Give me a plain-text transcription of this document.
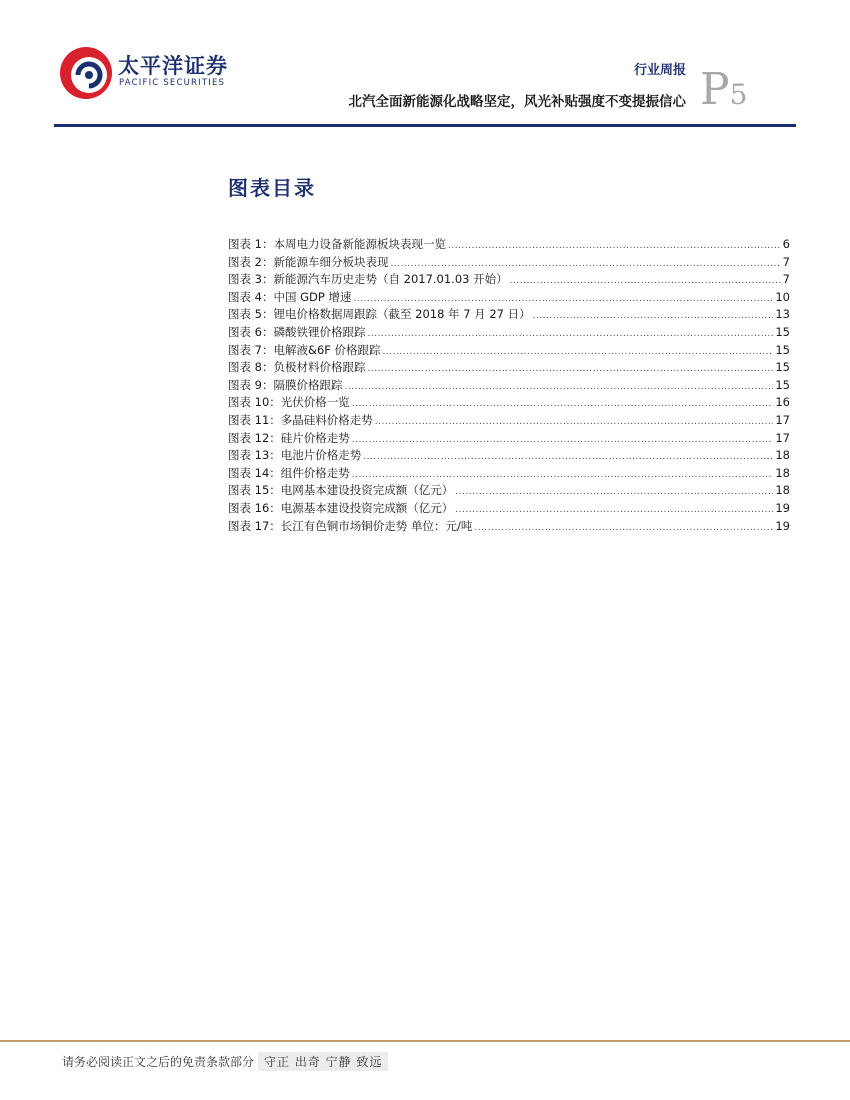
太平洋证券
PACIFIC SECURITIES
行业周报
北汽全面新能源化战略坚定，风光补贴强度不变提振信心 P5
图表目录
图表 1：本周电力设备新能源板块表现一览 .....	6
图表 2：新能源车细分板块表现 .....	7
图表 3：新能源汽车历史走势（自 2017.01.03 开始） .....	7
图表 4：中国 GDP 增速 .....	10
图表 5：锂电价格数据周跟踪（截至 2018 年 7 月 27 日） .....	13
图表 6：磷酸铁锂价格跟踪 .....	15
图表 7：电解液&6F 价格跟踪 .....	15
图表 8：负极材料价格跟踪 .....	15
图表 9：隔膜价格跟踪 .....	15
图表 10：光伏价格一览 .....	16
图表 11：多晶硅料价格走势 .....	17
图表 12：硅片价格走势 .....	17
图表 13：电池片价格走势 .....	18
图表 14：组件价格走势 .....	18
图表 15：电网基本建设投资完成额（亿元） .....	18
图表 16：电源基本建设投资完成额（亿元） .....	19
图表 17：长江有色铜市场铜价走势 单位：元/吨 .....	19
请务必阅读正文之后的免责条款部分 守正 出奇 宁静 致远
